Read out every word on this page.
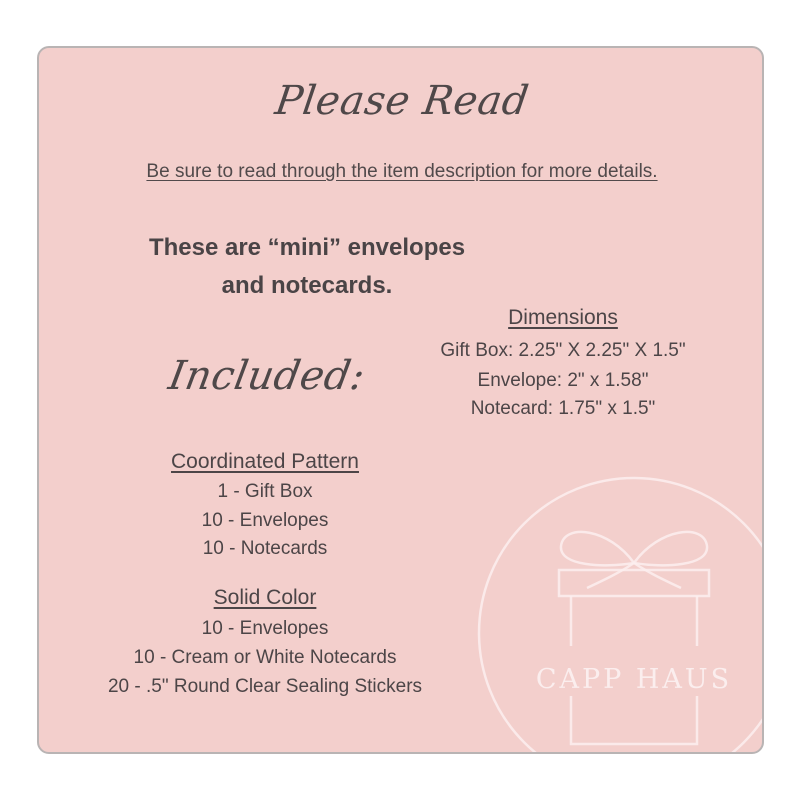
Please Read
Be sure to read through the item description for more details.
These are “mini” envelopes
and notecards.
Dimensions
Gift Box: 2.25" X 2.25" X 1.5"
Envelope: 2" x 1.58"
Notecard: 1.75" x 1.5"
Included:
Coordinated Pattern
1 - Gift Box
10 - Envelopes
10 - Notecards
Solid Color
10 - Envelopes
10 - Cream or White Notecards
20 - .5" Round Clear Sealing Stickers	CAPP HAUS
